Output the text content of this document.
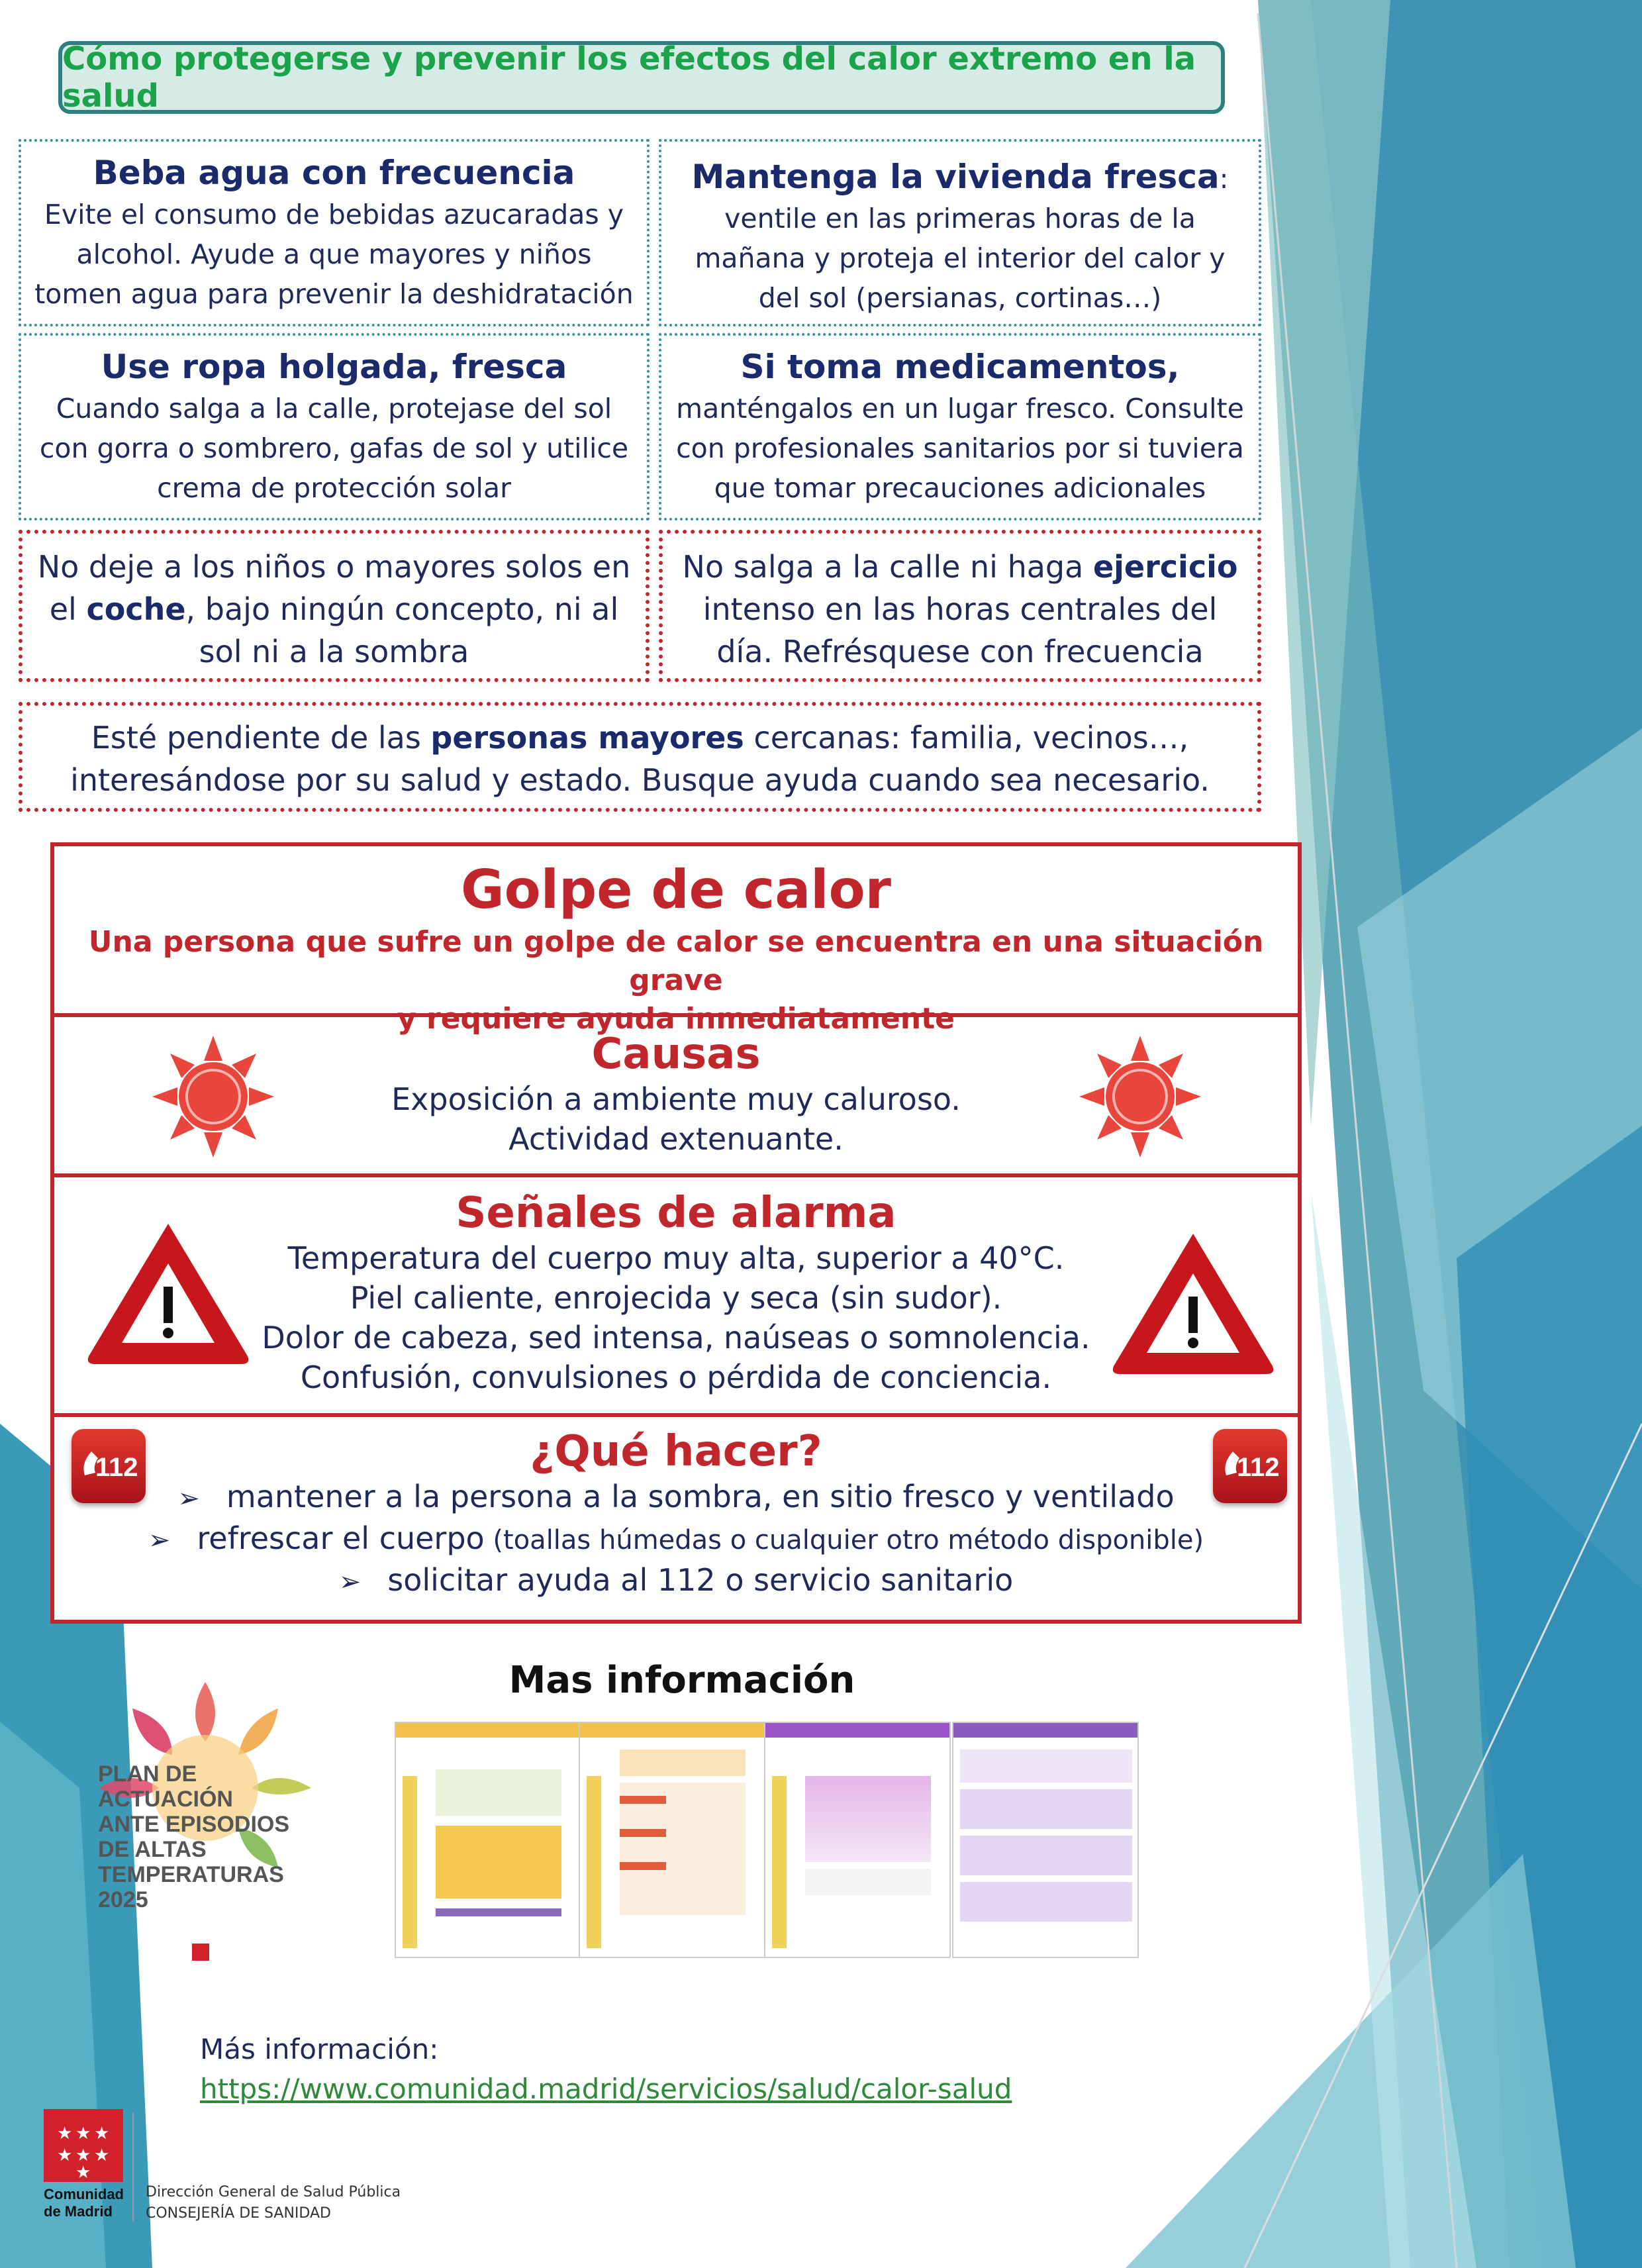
Cómo protegerse y prevenir los efectos del calor extremo en la salud
Beba agua con frecuencia
Evite el consumo de bebidas azucaradas y alcohol. Ayude a que mayores y niños tomen agua para prevenir la deshidratación
Mantenga la vivienda fresca: ventile en las primeras horas de la mañana y proteja el interior del calor y del sol (persianas, cortinas…)
Use ropa holgada, fresca
Cuando salga a la calle, protejase del sol con gorra o sombrero, gafas de sol y utilice crema de protección solar
Si toma medicamentos,
manténgalos en un lugar fresco. Consulte con profesionales sanitarios por si tuviera que tomar precauciones adicionales
No deje a los niños o mayores solos en el coche, bajo ningún concepto, ni al sol ni a la sombra
No salga a la calle ni haga ejercicio intenso en las horas centrales del día. Refrésquese con frecuencia
Esté pendiente de las personas mayores cercanas: familia, vecinos…, interesándose por su salud y estado. Busque ayuda cuando sea necesario.
Golpe de calor
Una persona que sufre un golpe de calor se encuentra en una situación grave
y requiere ayuda inmediatamente
Causas
Exposición a ambiente muy caluroso.
Actividad extenuante.
Señales de alarma
Temperatura del cuerpo muy alta, superior a 40°C.
Piel caliente, enrojecida y seca (sin sudor).
Dolor de cabeza, sed intensa, naúseas o somnolencia.
Confusión, convulsiones o pérdida de conciencia.
¿Qué hacer?
➢ mantener a la persona a la sombra, en sitio fresco y ventilado
➢ refrescar el cuerpo (toallas húmedas o cualquier otro método disponible)
➢ solicitar ayuda al 112 o servicio sanitario
112	112
Mas información
PLAN DE
ACTUACIÓN
ANTE EPISODIOS
DE ALTAS
TEMPERATURAS
2025
Más información:
https://www.comunidad.madrid/servicios/salud/calor-salud
★ ★ ★
★ ★ ★
★
Comunidad
de Madrid
Dirección General de Salud Pública
CONSEJERÍA DE SANIDAD
